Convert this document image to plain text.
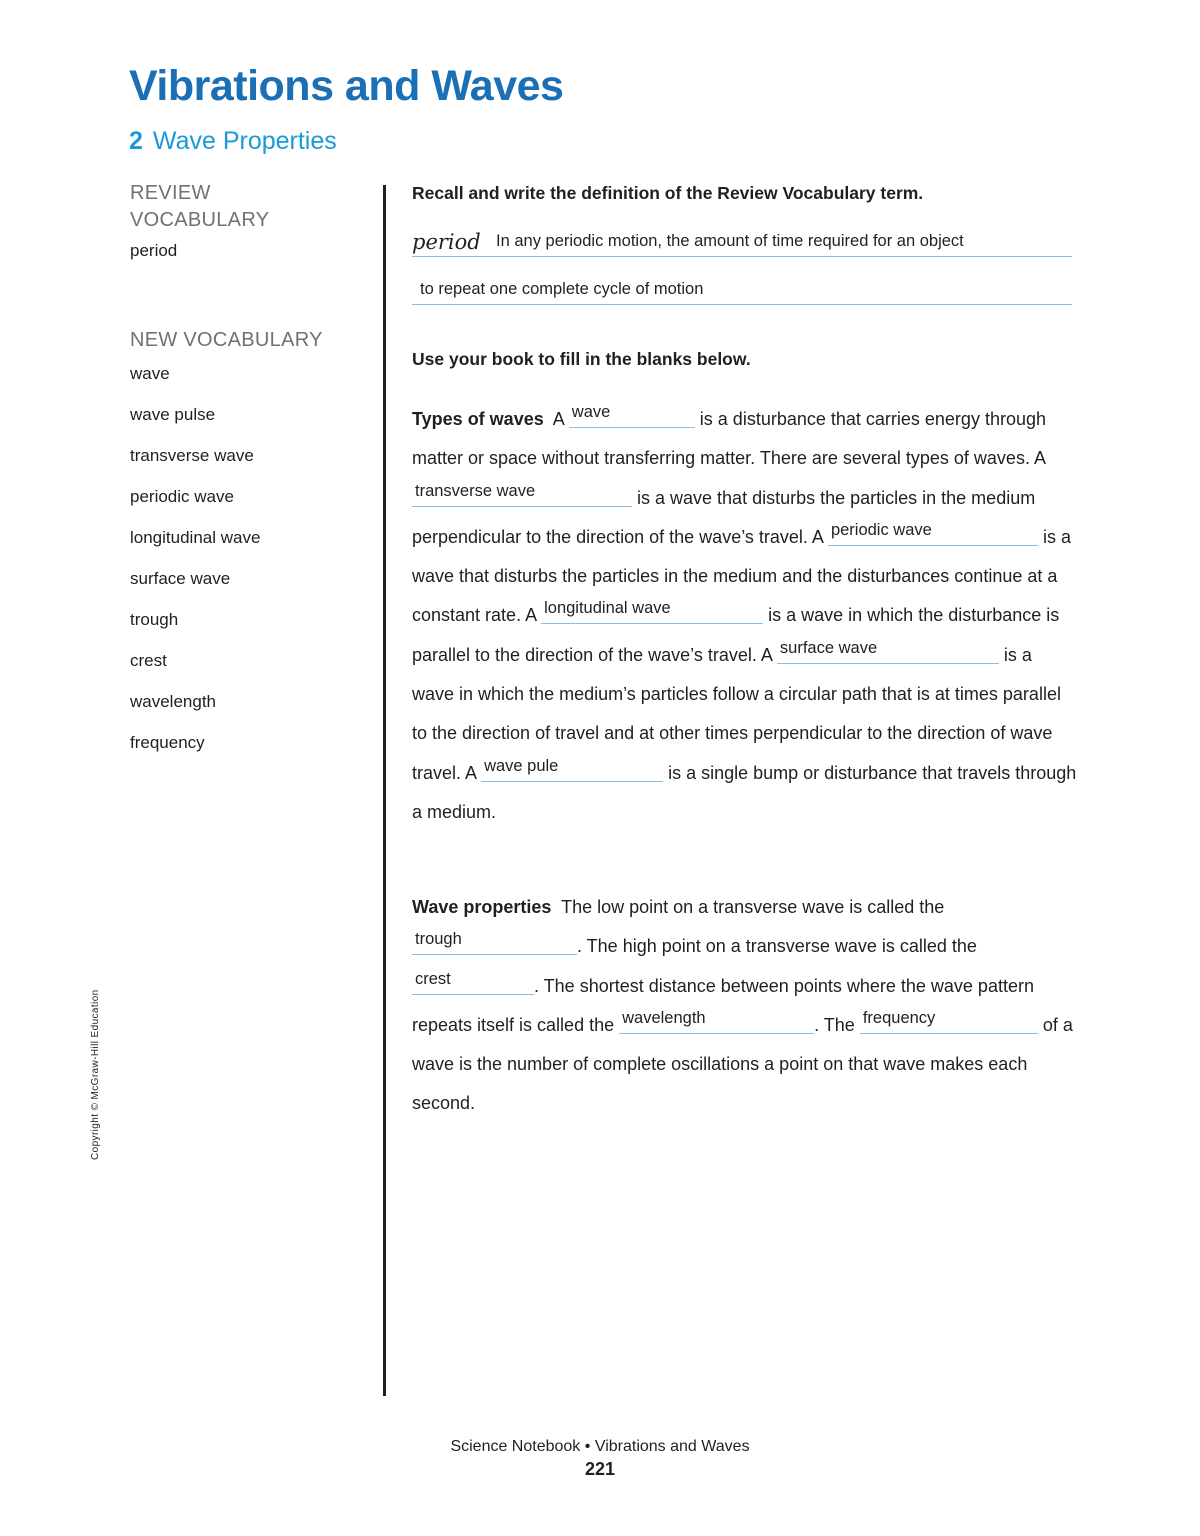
Vibrations and Waves
2 Wave Properties
REVIEW
VOCABULARY
period
NEW VOCABULARY
wave
wave pulse
transverse wave
periodic wave
longitudinal wave
surface wave
trough
crest
wavelength
frequency
Recall and write the definition of the Review Vocabulary term.
period In any periodic motion, the amount of time required for an object
to repeat one complete cycle of motion
Use your book to fill in the blanks below.
Types of waves A wave	is a disturbance that carries energy through matter or space without transferring matter. There are several types of waves. A
transverse wave	is a wave that disturbs the particles in the medium perpendicular to the direction of the wave’s travel. A periodic wave	is a wave that disturbs the particles in the medium and the disturbances continue at a constant rate. A longitudinal wave	is a wave in which the disturbance is parallel to the direction of the wave’s travel. A surface wave	is a wave in which the medium’s particles follow a circular path that is at times parallel to the direction of travel and at other times perpendicular to the direction of wave travel. A wave pule	is a single bump or disturbance that travels through a medium.
Wave properties The low point on a transverse wave is called the
trough	. The high point on a transverse wave is called the
crest	. The shortest distance between points where the wave pattern repeats itself is called the wavelength	. The frequency	of a wave is the number of complete oscillations a point on that wave makes each second.
Copyright © McGraw-Hill Education
Science Notebook • Vibrations and Waves
221
